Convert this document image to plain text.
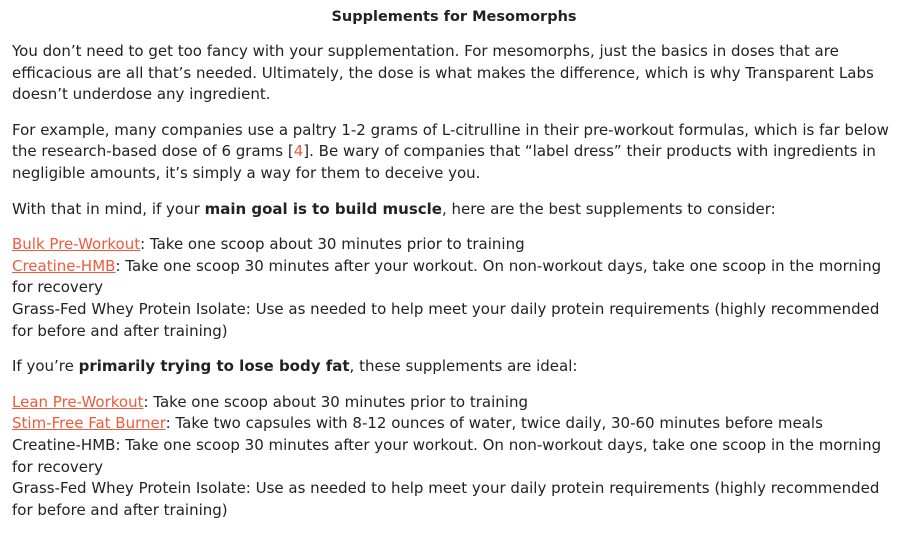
Supplements for Mesomorphs

You don’t need to get too fancy with your supplementation. For mesomorphs, just the basics in doses that are efficacious are all that’s needed. Ultimately, the dose is what makes the difference, which is why Transparent Labs doesn’t underdose any ingredient.

For example, many companies use a paltry 1-2 grams of L-citrulline in their pre-workout formulas, which is far below the research-based dose of 6 grams [4]. Be wary of companies that “label dress” their products with ingredients in negligible amounts, it’s simply a way for them to deceive you.

With that in mind, if your main goal is to build muscle, here are the best supplements to consider:

Bulk Pre-Workout: Take one scoop about 30 minutes prior to training
Creatine-HMB: Take one scoop 30 minutes after your workout. On non-workout days, take one scoop in the morning for recovery
Grass-Fed Whey Protein Isolate: Use as needed to help meet your daily protein requirements (highly recommended for before and after training)

If you’re primarily trying to lose body fat, these supplements are ideal:

Lean Pre-Workout: Take one scoop about 30 minutes prior to training
Stim-Free Fat Burner: Take two capsules with 8-12 ounces of water, twice daily, 30-60 minutes before meals
Creatine-HMB: Take one scoop 30 minutes after your workout. On non-workout days, take one scoop in the morning for recovery
Grass-Fed Whey Protein Isolate: Use as needed to help meet your daily protein requirements (highly recommended for before and after training)
